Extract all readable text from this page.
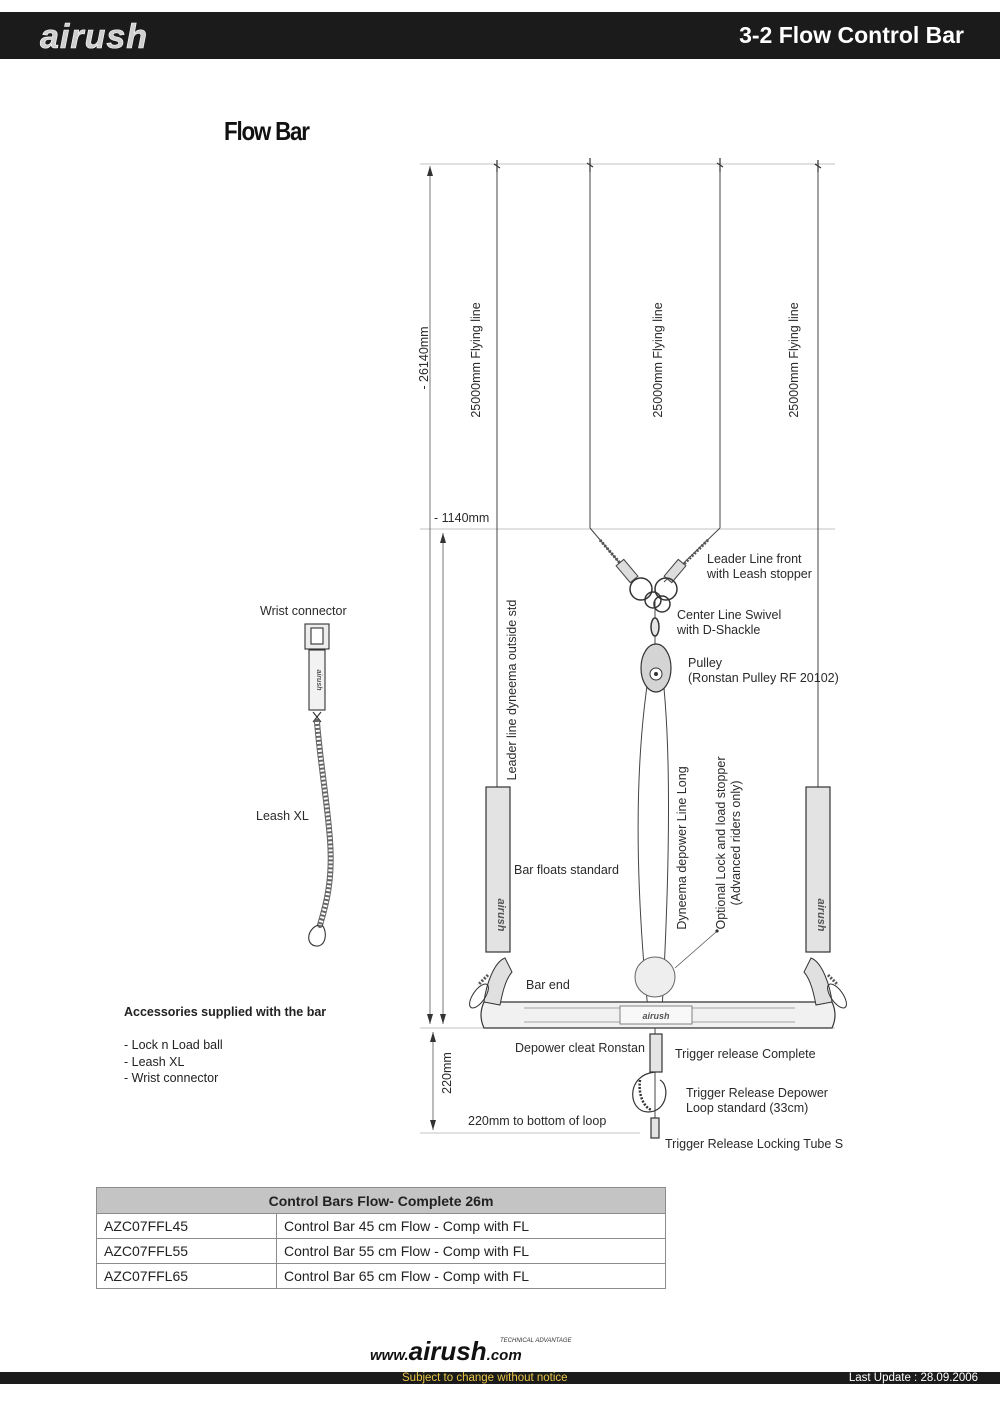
airush	3-2 Flow Control Bar
Flow Bar
airush	airush
airush
- 26140mm
- 1140mm
220mm
220mm to bottom of loop
25000mm Flying line	25000mm Flying line	25000mm Flying line
Leader Line front
with Leash stopper
Center Line Swivel
with D-Shackle
Pulley
(Ronstan Pulley RF 20102)
Leader line dyneema outside std
Dyneema depower Line Long Optional Lock and load stopper (Advanced riders only)
Bar floats standard
Bar end
Depower cleat Ronstan Trigger release Complete
Trigger Release Depower
Loop standard (33cm)
Trigger Release Locking Tube S
Wrist connector
Leash XL
airush
Accessories supplied with the bar
- Lock n Load ball
- Leash XL
- Wrist connector
Control Bars Flow- Complete 26m	
AZC07FFL45	Control Bar 45 cm Flow - Comp with FL
AZC07FFL55	Control Bar 55 cm Flow - Comp with FL
AZC07FFL65	Control Bar 65 cm Flow - Comp with FL
TECHNICAL ADVANTAGE
www.airush.com
Subject to change without notice	Last Update : 28.09.2006
